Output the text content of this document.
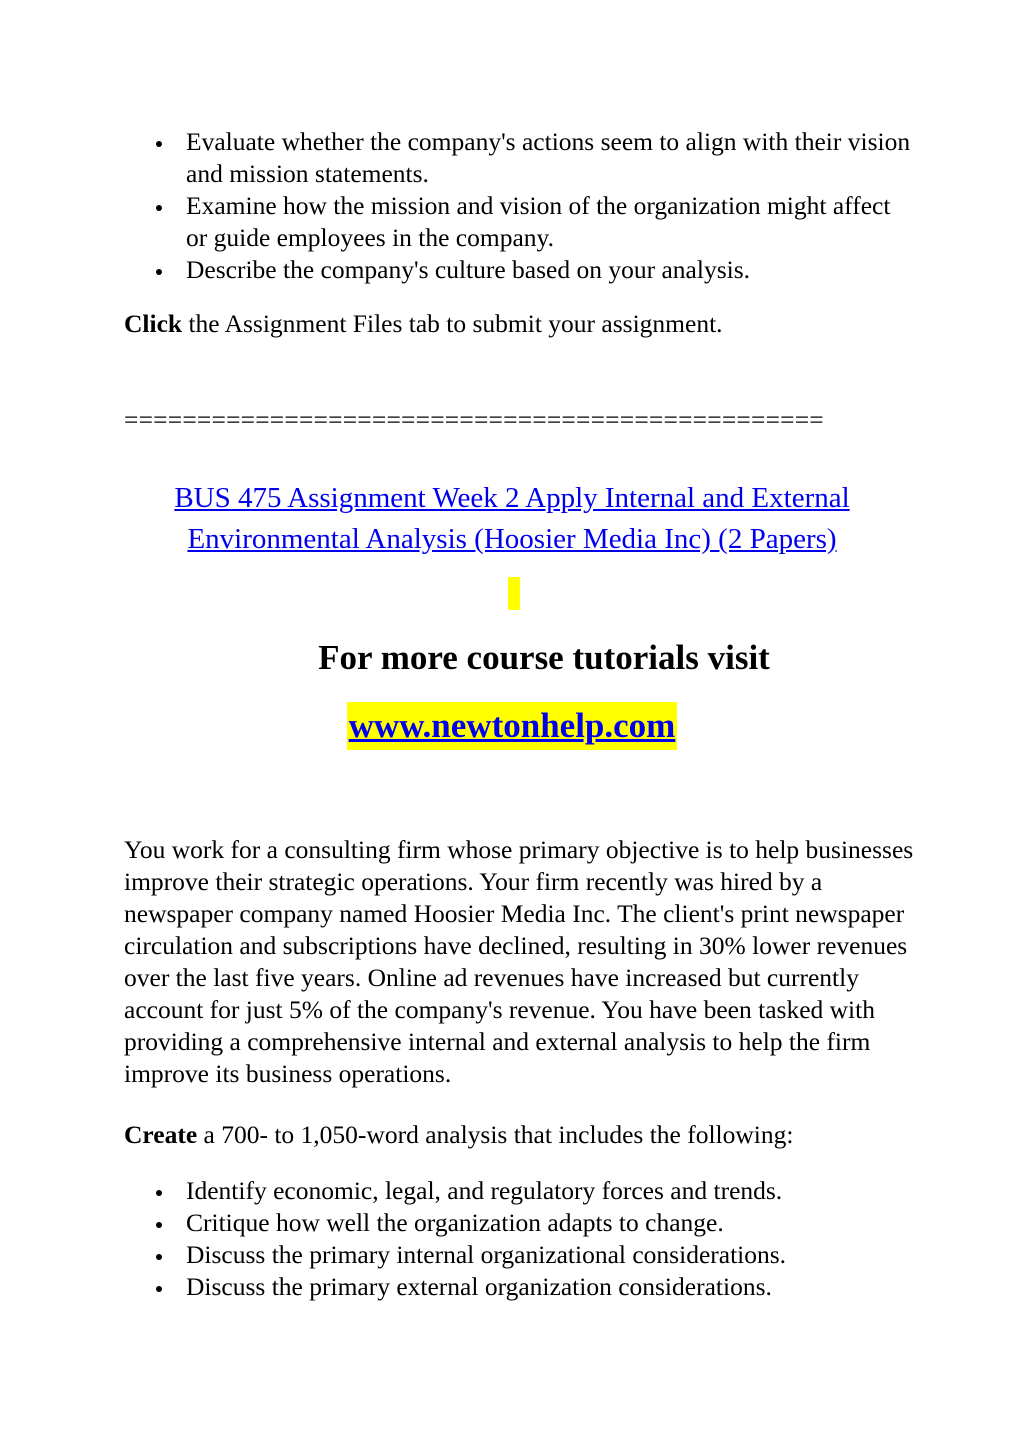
Evaluate whether the company's actions seem to align with their vision and mission statements.
Examine how the mission and vision of the organization might affect or guide employees in the company.
Describe the company's culture based on your analysis.

Click the Assignment Files tab to submit your assignment.

================================================
BUS 475 Assignment Week 2 Apply Internal and External
Environmental Analysis (Hoosier Media Inc) (2 Papers)
For more course tutorials visit
www.newtonhelp.com

You work for a consulting firm whose primary objective is to help businesses improve their strategic operations. Your firm recently was hired by a newspaper company named Hoosier Media Inc. The client's print newspaper circulation and subscriptions have declined, resulting in 30% lower revenues over the last five years. Online ad revenues have increased but currently account for just 5% of the company's revenue. You have been tasked with providing a comprehensive internal and external analysis to help the firm improve its business operations.

Create a 700- to 1,050-word analysis that includes the following:

Identify economic, legal, and regulatory forces and trends.
Critique how well the organization adapts to change.
Discuss the primary internal organizational considerations.
Discuss the primary external organization considerations.
